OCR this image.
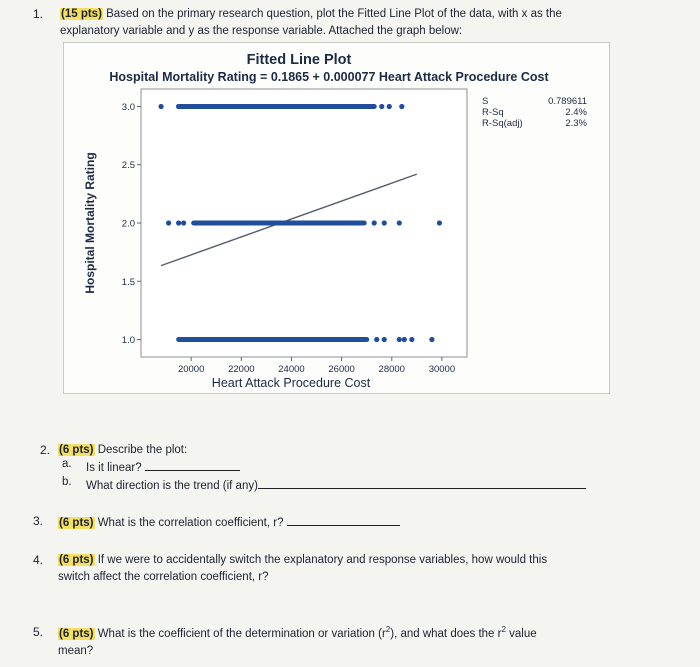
1. (15 pts) Based on the primary research question, plot the Fitted Line Plot of the data, with x as the
explanatory variable and y as the response variable. Attached the graph below:
Fitted Line Plot
Hospital Mortality Rating = 0.1865 + 0.000077 Heart Attack Procedure Cost
20000 22000 24000 26000 28000 30000
1.0
1.5
2.0
2.5
3.0
Heart Attack Procedure Cost
Hospital Mortality Rating
S	0.789611
R-Sq	2.4%
R-Sq(adj)	2.3%
2. (6 pts) Describe the plot:
a. Is it linear?
b. What direction is the trend (if any)
3. (6 pts) What is the correlation coefficient, r?
4. (6 pts) If we were to accidentally switch the explanatory and response variables, how would this
switch affect the correlation coefficient, r?
5. (6 pts) What is the coefficient of the determination or variation $(r^2)$, and what does the $r^2$ value
mean?
